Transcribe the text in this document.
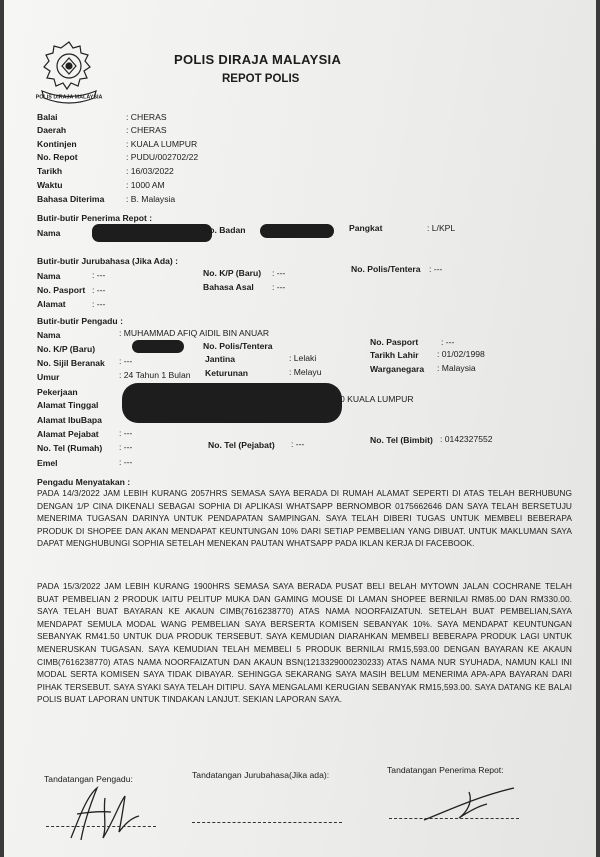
POLIS DIRAJA MALAYSIA
POLIS DIRAJA MALAYSIA
REPOT POLIS
Balai	: CHERAS
Daerah	: CHERAS
Kontinjen	: KUALA LUMPUR
No. Repot	: PUDU/002702/22
Tarikh	: 16/03/2022
Waktu	: 1000 AM
Bahasa Diterima	: B. Malaysia
Butir-butir Penerima Repot :
Nama	No. Badan	Pangkat	: L/KPL
Butir-butir Jurubahasa (Jika Ada) :
Nama	: ---	No. K/P (Baru) : ---	No. Polis/Tentera : ---
No. Pasport : ---	Bahasa Asal : ---
Alamat	: ---
Butir-butir Pengadu :
Nama	: MUHAMMAD AFIQ AIDIL BIN ANUAR
No. K/P (Baru)	No. Polis/Tentera	No. Pasport	: ---
No. Sijil Beranak : ---	Jantina	: Lelaki	Tarikh Lahir : 01/02/1998
Umur	: 24 Tahun 1 Bulan Keturunan	: Melayu	Warganegara : Malaysia
Pekerjaan
Alamat Tinggal
0 KUALA LUMPUR
Alamat IbuBapa
Alamat Pejabat : ---
No. Tel (Rumah) : ---	No. Tel (Pejabat) : ---	No. Tel (Bimbit) : 0142327552
Emel	: ---
Pengadu Menyatakan :
PADA 14/3/2022 JAM LEBIH KURANG 2057HRS SEMASA SAYA BERADA DI RUMAH ALAMAT SEPERTI DI ATAS TELAH BERHUBUNG DENGAN 1/P CINA DIKENALI SEBAGAI SOPHIA DI APLIKASI WHATSAPP BERNOMBOR 0175662646 DAN SAYA TELAH BERSETUJU MENERIMA TUGASAN DARINYA UNTUK PENDAPATAN SAMPINGAN. SAYA TELAH DIBERI TUGAS UNTUK MEMBELI BEBERAPA PRODUK DI SHOPEE DAN AKAN MENDAPAT KEUNTUNGAN 10% DARI SETIAP PEMBELIAN YANG DIBUAT. UNTUK MAKLUMAN SAYA DAPAT MENGHUBUNGI SOPHIA SETELAH MENEKAN PAUTAN WHATSAPP PADA IKLAN KERJA DI FACEBOOK.
PADA 15/3/2022 JAM LEBIH KURANG 1900HRS SEMASA SAYA BERADA PUSAT BELI BELAH MYTOWN JALAN COCHRANE TELAH BUAT PEMBELIAN 2 PRODUK IAITU PELITUP MUKA DAN GAMING MOUSE DI LAMAN SHOPEE BERNILAI RM85.00 DAN RM330.00. SAYA TELAH BUAT BAYARAN KE AKAUN CIMB(7616238770) ATAS NAMA NOORFAIZATUN. SETELAH BUAT PEMBELIAN,SAYA MENDAPAT SEMULA MODAL WANG PEMBELIAN SAYA BERSERTA KOMISEN SEBANYAK 10%. SAYA MENDAPAT KEUNTUNGAN SEBANYAK RM41.50 UNTUK DUA PRODUK TERSEBUT. SAYA KEMUDIAN DIARAHKAN MEMBELI BEBERAPA PRODUK LAGI UNTUK MENERUSKAN TUGASAN. SAYA KEMUDIAN TELAH MEMBELI 5 PRODUK BERNILAI RM15,593.00 DENGAN BAYARAN KE AKAUN CIMB(7616238770) ATAS NAMA NOORFAIZATUN DAN AKAUN BSN(1213329000230233) ATAS NAMA NUR SYUHADA, NAMUN KALI INI MODAL SERTA KOMISEN SAYA TIDAK DIBAYAR. SEHINGGA SEKARANG SAYA MASIH BELUM MENERIMA APA-APA BAYARAN DARI PIHAK TERSEBUT. SAYA SYAKI SAYA TELAH DITIPU. SAYA MENGALAMI KERUGIAN SEBANYAK RM15,593.00. SAYA DATANG KE BALAI POLIS BUAT LAPORAN UNTUK TINDAKAN LANJUT. SEKIAN LAPORAN SAYA.
Tandatangan Pengadu:	Tandatangan Jurubahasa(Jika ada):	Tandatangan Penerima Repot:
